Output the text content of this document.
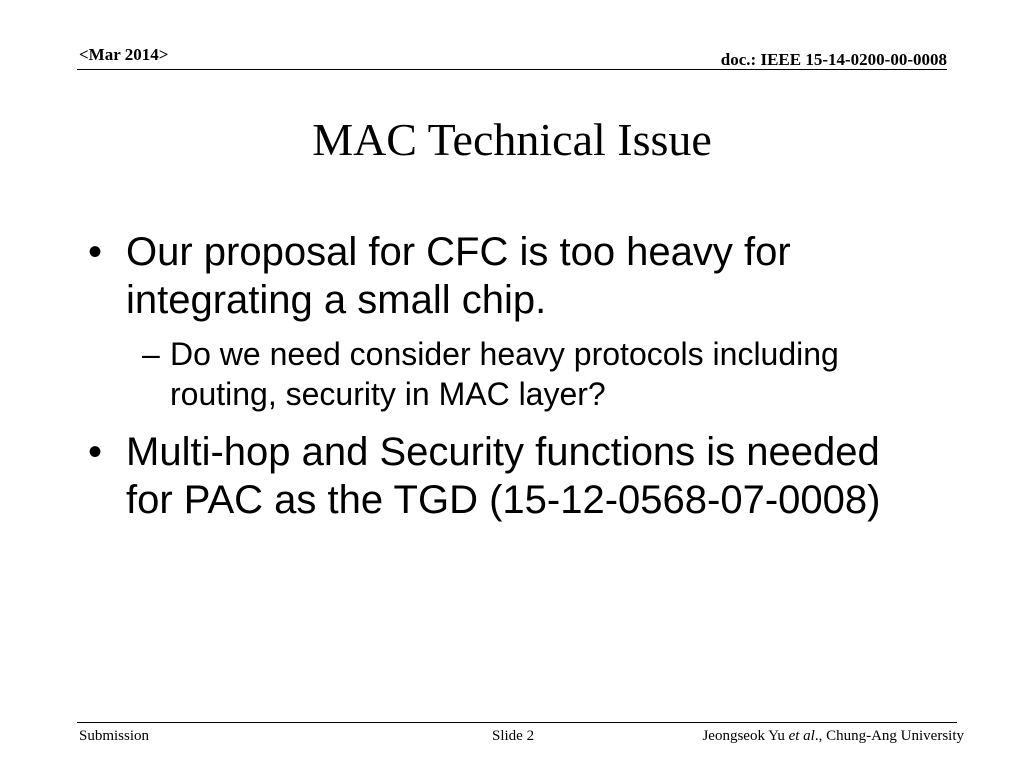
<Mar 2014>	doc.: IEEE 15-14-0200-00-0008
MAC Technical Issue
• Our proposal for CFC is too heavy for integrating a small chip.
– Do we need consider heavy protocols including routing, security in MAC layer?
• Multi-hop and Security functions is needed for PAC as the TGD (15-12-0568-07-0008)
Submission	Slide 2	Jeongseok Yu et al., Chung-Ang University
